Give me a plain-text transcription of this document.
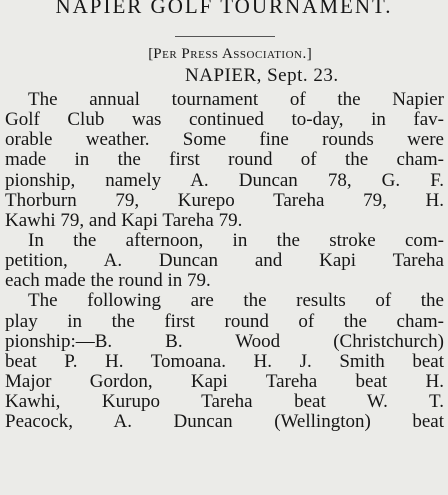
NAPIER GOLF TOURNAMENT.
[Per Press Association.]
NAPIER, Sept. 23.
The annual tournament of the Napier
Golf Club was continued to-day, in fav-
orable weather. Some fine rounds were
made in the first round of the cham-
pionship, namely A. Duncan 78, G. F.
Thorburn 79, Kurepo Tareha 79, H.
Kawhi 79, and Kapi Tareha 79.
In the afternoon, in the stroke com-
petition, A. Duncan and Kapi Tareha
each made the round in 79.
The following are the results of the
play in the first round of the cham-
pionship:—B. B. Wood (Christchurch)
beat P. H. Tomoana. H. J. Smith beat
Major Gordon, Kapi Tareha beat H.
Kawhi, Kurupo Tareha beat W. T.
Peacock, A. Duncan (Wellington) beat
